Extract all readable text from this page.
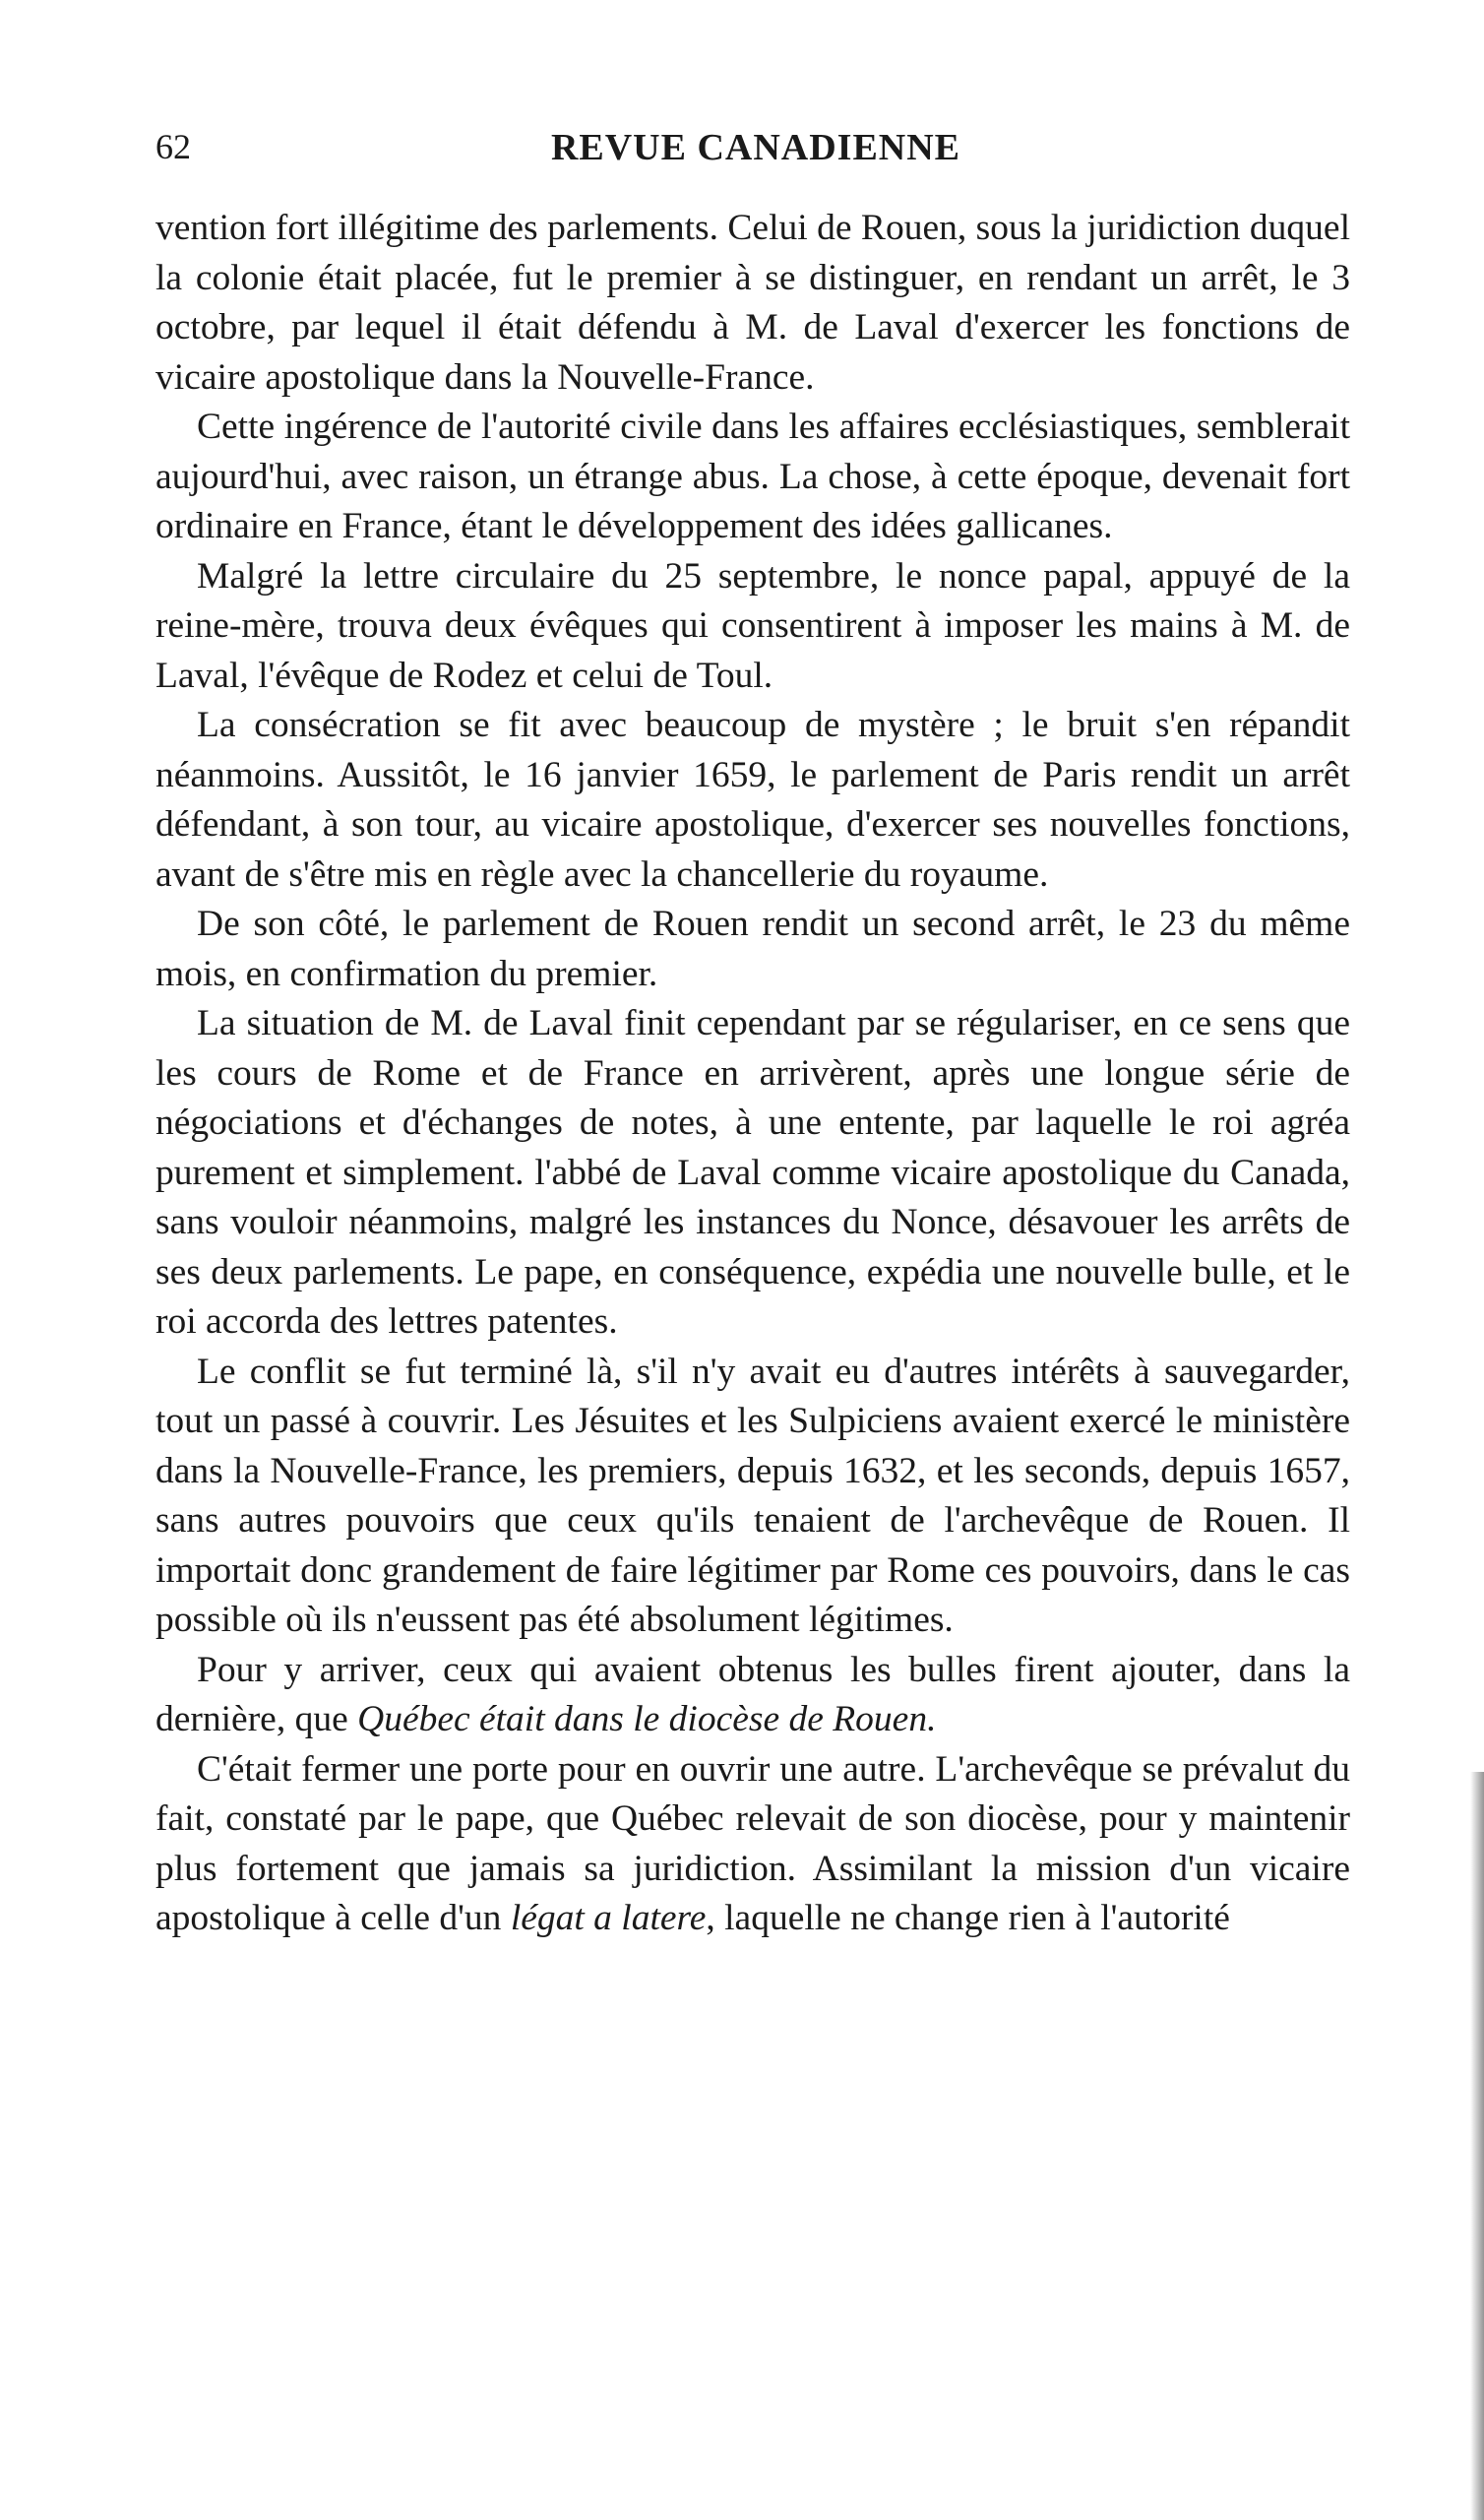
62	REVUE CANADIENNE

vention fort illégitime des parlements. Celui de Rouen, sous la juridiction duquel la colonie était placée, fut le premier à se distinguer, en rendant un arrêt, le 3 octobre, par lequel il était défendu à M. de Laval d'exercer les fonctions de vicaire apostolique dans la Nouvelle-France.

Cette ingérence de l'autorité civile dans les affaires ecclésiastiques, semblerait aujourd'hui, avec raison, un étrange abus. La chose, à cette époque, devenait fort ordinaire en France, étant le développement des idées gallicanes.

Malgré la lettre circulaire du 25 septembre, le nonce papal, appuyé de la reine-mère, trouva deux évêques qui consentirent à imposer les mains à M. de Laval, l'évêque de Rodez et celui de Toul.

La consécration se fit avec beaucoup de mystère ; le bruit s'en répandit néanmoins. Aussitôt, le 16 janvier 1659, le parlement de Paris rendit un arrêt défendant, à son tour, au vicaire apostolique, d'exercer ses nouvelles fonctions, avant de s'être mis en règle avec la chancellerie du royaume.

De son côté, le parlement de Rouen rendit un second arrêt, le 23 du même mois, en confirmation du premier.

La situation de M. de Laval finit cependant par se régulariser, en ce sens que les cours de Rome et de France en arrivèrent, après une longue série de négociations et d'échanges de notes, à une entente, par laquelle le roi agréa purement et simplement. l'abbé de Laval comme vicaire apostolique du Canada, sans vouloir néanmoins, malgré les instances du Nonce, désavouer les arrêts de ses deux parlements. Le pape, en conséquence, expédia une nouvelle bulle, et le roi accorda des lettres patentes.

Le conflit se fut terminé là, s'il n'y avait eu d'autres intérêts à sauvegarder, tout un passé à couvrir. Les Jésuites et les Sulpiciens avaient exercé le ministère dans la Nouvelle-France, les premiers, depuis 1632, et les seconds, depuis 1657, sans autres pouvoirs que ceux qu'ils tenaient de l'archevêque de Rouen. Il importait donc grandement de faire légitimer par Rome ces pouvoirs, dans le cas possible où ils n'eussent pas été absolument légitimes.

Pour y arriver, ceux qui avaient obtenus les bulles firent ajouter, dans la dernière, que Québec était dans le diocèse de Rouen.

C'était fermer une porte pour en ouvrir une autre. L'archevêque se prévalut du fait, constaté par le pape, que Québec relevait de son diocèse, pour y maintenir plus fortement que jamais sa juridiction. Assimilant la mission d'un vicaire apostolique à celle d'un légat a latere, laquelle ne change rien à l'autorité
